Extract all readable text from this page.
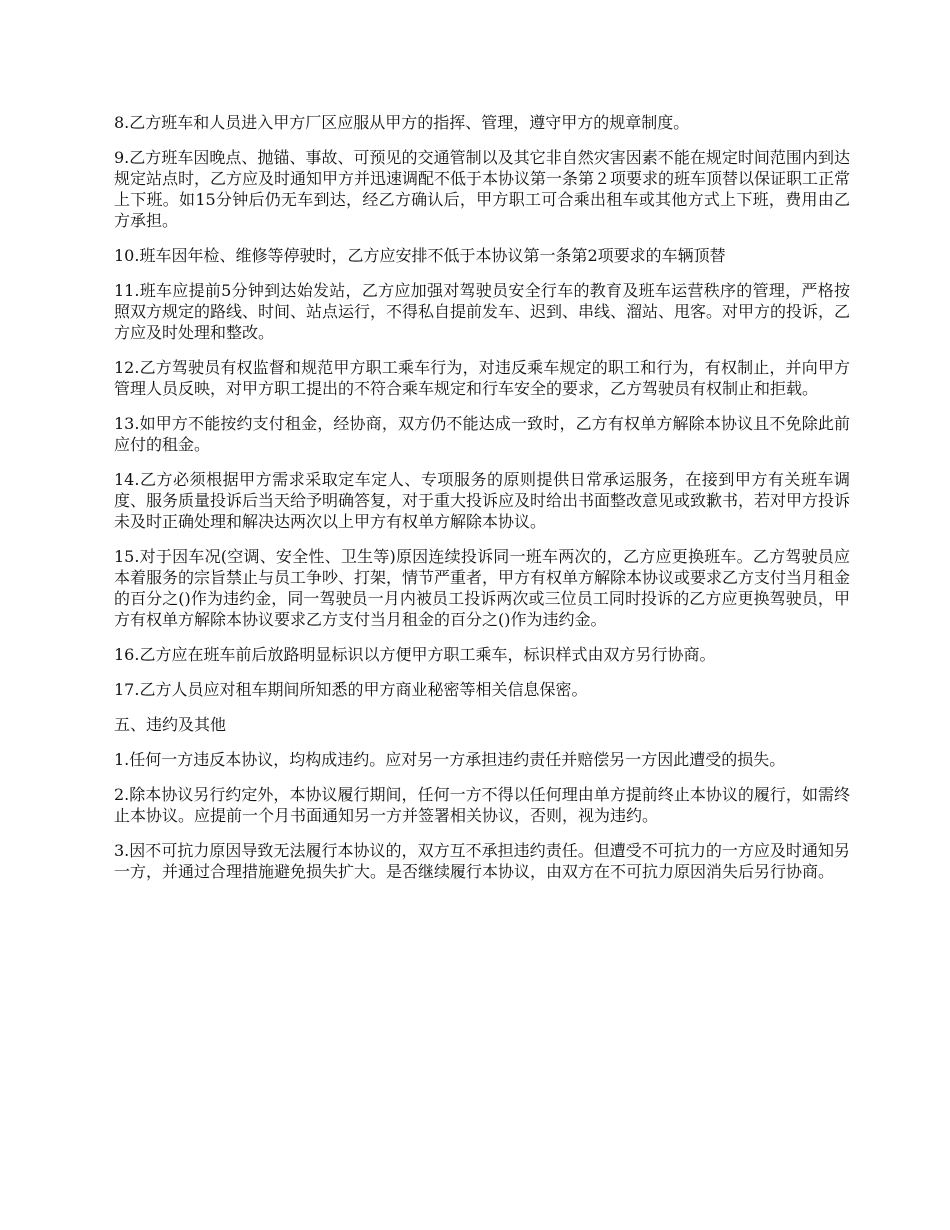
8.乙方班车和人员进入甲方厂区应服从甲方的指挥、管理，遵守甲方的规章制度。

9.乙方班车因晚点、抛锚、事故、可预见的交通管制以及其它非自然灾害因素不能在规定时间范围内到达规定站点时，乙方应及时通知甲方并迅速调配不低于本协议第一条第２项要求的班车顶替以保证职工正常上下班。如15分钟后仍无车到达，经乙方确认后，甲方职工可合乘出租车或其他方式上下班，费用由乙方承担。

10.班车因年检、维修等停驶时，乙方应安排不低于本协议第一条第2项要求的车辆顶替

11.班车应提前5分钟到达始发站，乙方应加强对驾驶员安全行车的教育及班车运营秩序的管理，严格按照双方规定的路线、时间、站点运行，不得私自提前发车、迟到、串线、溜站、甩客。对甲方的投诉，乙方应及时处理和整改。

12.乙方驾驶员有权监督和规范甲方职工乘车行为，对违反乘车规定的职工和行为，有权制止，并向甲方管理人员反映，对甲方职工提出的不符合乘车规定和行车安全的要求，乙方驾驶员有权制止和拒载。

13.如甲方不能按约支付租金，经协商，双方仍不能达成一致时，乙方有权单方解除本协议且不免除此前应付的租金。

14.乙方必须根据甲方需求采取定车定人、专项服务的原则提供日常承运服务，在接到甲方有关班车调度、服务质量投诉后当天给予明确答复，对于重大投诉应及时给出书面整改意见或致歉书，若对甲方投诉未及时正确处理和解决达两次以上甲方有权单方解除本协议。

15.对于因车况(空调、安全性、卫生等)原因连续投诉同一班车两次的，乙方应更换班车。乙方驾驶员应本着服务的宗旨禁止与员工争吵、打架，情节严重者，甲方有权单方解除本协议或要求乙方支付当月租金的百分之()作为违约金，同一驾驶员一月内被员工投诉两次或三位员工同时投诉的乙方应更换驾驶员，甲方有权单方解除本协议要求乙方支付当月租金的百分之()作为违约金。

16.乙方应在班车前后放路明显标识以方便甲方职工乘车，标识样式由双方另行协商。

17.乙方人员应对租车期间所知悉的甲方商业秘密等相关信息保密。

五、违约及其他

1.任何一方违反本协议，均构成违约。应对另一方承担违约责任并赔偿另一方因此遭受的损失。

2.除本协议另行约定外，本协议履行期间，任何一方不得以任何理由单方提前终止本协议的履行，如需终止本协议。应提前一个月书面通知另一方并签署相关协议，否则，视为违约。

3.因不可抗力原因导致无法履行本协议的，双方互不承担违约责任。但遭受不可抗力的一方应及时通知另一方，并通过合理措施避免损失扩大。是否继续履行本协议，由双方在不可抗力原因消失后另行协商。
